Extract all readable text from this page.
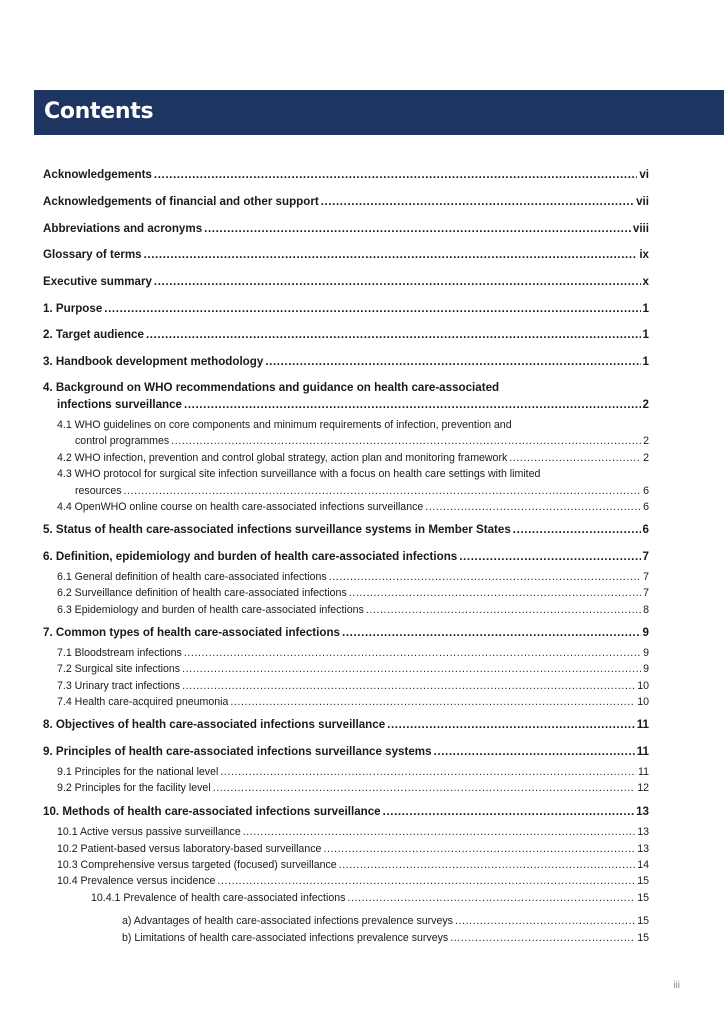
Contents
Acknowledgements .....	vi
Acknowledgements of financial and other support .....	vii
Abbreviations and acronyms .....	viii
Glossary of terms .....	ix
Executive summary .....	x
1. Purpose .....	1
2. Target audience .....	1
3. Handbook development methodology .....	1
4. Background on WHO recommendations and guidance on health care-associated
infections surveillance .....	2
4.1 WHO guidelines on core components and minimum requirements of infection, prevention and
control programmes .....	2
4.2 WHO infection, prevention and control global strategy, action plan and monitoring framework .....	2
4.3 WHO protocol for surgical site infection surveillance with a focus on health care settings with limited
resources .....	6
4.4 OpenWHO online course on health care-associated infections surveillance .....	6
5. Status of health care-associated infections surveillance systems in Member States .....	6
6. Definition, epidemiology and burden of health care-associated infections .....	7
6.1 General definition of health care-associated infections .....	7
6.2 Surveillance definition of health care-associated infections .....	7
6.3 Epidemiology and burden of health care-associated infections .....	8
7. Common types of health care-associated infections .....	9
7.1 Bloodstream infections .....	9
7.2 Surgical site infections .....	9
7.3 Urinary tract infections .....	10
7.4 Health care-acquired pneumonia .....	10
8. Objectives of health care-associated infections surveillance .....	11
9. Principles of health care-associated infections surveillance systems .....	11
9.1 Principles for the national level .....	11
9.2 Principles for the facility level .....	12
10. Methods of health care-associated infections surveillance .....	13
10.1 Active versus passive surveillance .....	13
10.2 Patient-based versus laboratory-based surveillance .....	13
10.3 Comprehensive versus targeted (focused) surveillance .....	14
10.4 Prevalence versus incidence .....	15
10.4.1 Prevalence of health care-associated infections .....	15
a) Advantages of health care-associated infections prevalence surveys .....	15
b) Limitations of health care-associated infections prevalence surveys .....	15
iii
